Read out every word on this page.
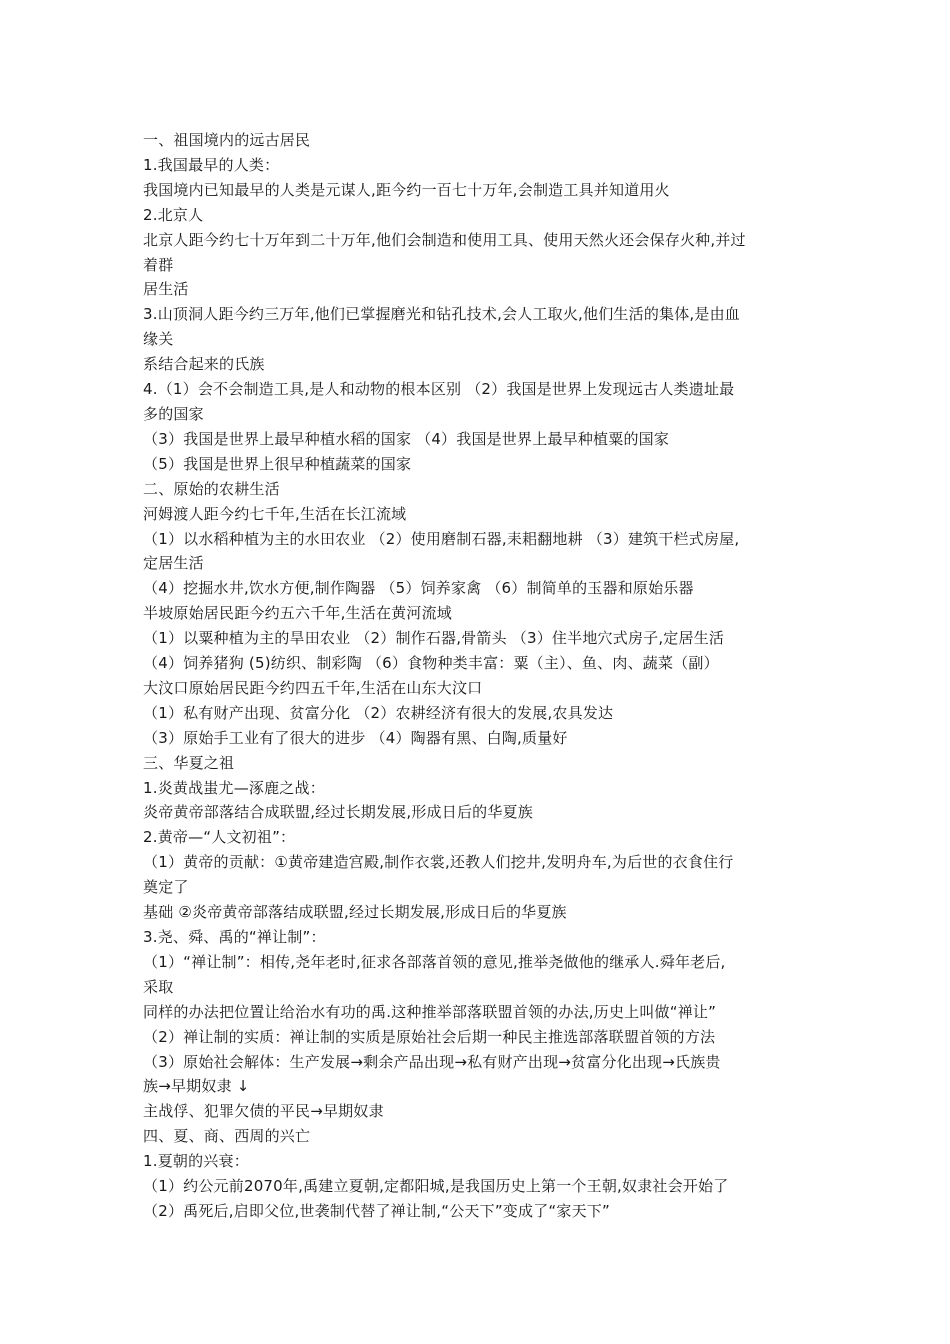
一、祖国境内的远古居民
1.我国最早的人类：
我国境内已知最早的人类是元谋人,距今约一百七十万年,会制造工具并知道用火
2.北京人
北京人距今约七十万年到二十万年,他们会制造和使用工具、使用天然火还会保存火种,并过
着群
居生活
3.山顶洞人距今约三万年,他们已掌握磨光和钻孔技术,会人工取火,他们生活的集体,是由血
缘关
系结合起来的氏族
4.（1）会不会制造工具,是人和动物的根本区别 （2）我国是世界上发现远古人类遗址最
多的国家
（3）我国是世界上最早种植水稻的国家 （4）我国是世界上最早种植粟的国家
（5）我国是世界上很早种植蔬菜的国家
二、原始的农耕生活
河姆渡人距今约七千年,生活在长江流域
（1）以水稻种植为主的水田农业 （2）使用磨制石器,耒耜翻地耕 （3）建筑干栏式房屋,
定居生活
（4）挖掘水井,饮水方便,制作陶器 （5）饲养家禽 （6）制简单的玉器和原始乐器
半坡原始居民距今约五六千年,生活在黄河流域
（1）以粟种植为主的旱田农业 （2）制作石器,骨箭头 （3）住半地穴式房子,定居生活
（4）饲养猪狗 (5)纺织、制彩陶 （6）食物种类丰富：粟（主）、鱼、肉、蔬菜（副）
大汶口原始居民距今约四五千年,生活在山东大汶口
（1）私有财产出现、贫富分化 （2）农耕经济有很大的发展,农具发达
（3）原始手工业有了很大的进步 （4）陶器有黑、白陶,质量好
三、华夏之祖
1.炎黄战蚩尤—涿鹿之战：
炎帝黄帝部落结合成联盟,经过长期发展,形成日后的华夏族
2.黄帝—“人文初祖”：
（1）黄帝的贡献：①黄帝建造宫殿,制作衣裳,还教人们挖井,发明舟车,为后世的衣食住行
奠定了
基础 ②炎帝黄帝部落结成联盟,经过长期发展,形成日后的华夏族
3.尧、舜、禹的“禅让制”：
（1）“禅让制”：相传,尧年老时,征求各部落首领的意见,推举尧做他的继承人.舜年老后,
采取
同样的办法把位置让给治水有功的禹.这种推举部落联盟首领的办法,历史上叫做“禅让”
（2）禅让制的实质：禅让制的实质是原始社会后期一种民主推选部落联盟首领的方法
（3）原始社会解体：生产发展→剩余产品出现→私有财产出现→贫富分化出现→氏族贵
族→早期奴隶 ↓
主战俘、犯罪欠债的平民→早期奴隶
四、夏、商、西周的兴亡
1.夏朝的兴衰：
（1）约公元前2070年,禹建立夏朝,定都阳城,是我国历史上第一个王朝,奴隶社会开始了
（2）禹死后,启即父位,世袭制代替了禅让制,“公天下”变成了“家天下”
